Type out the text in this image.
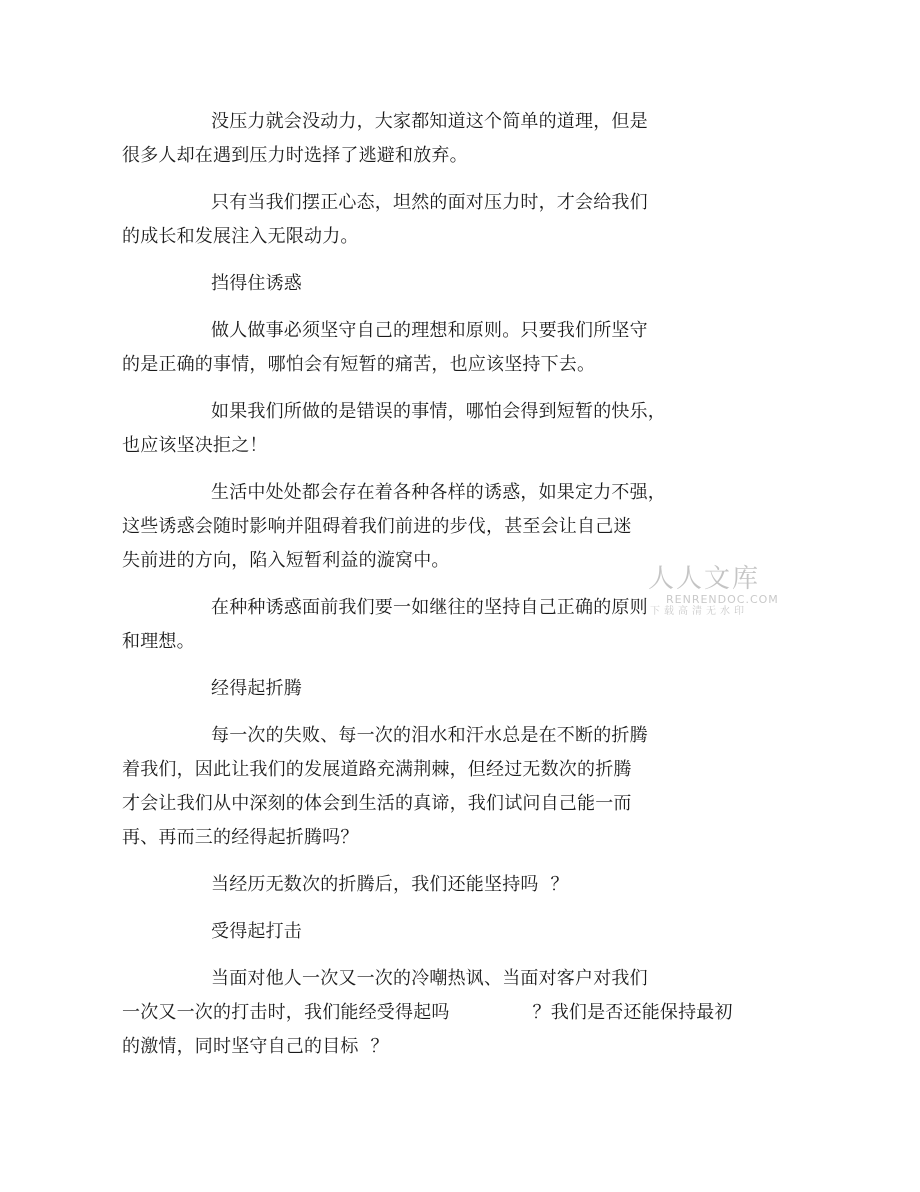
没压力就会没动力，大家都知道这个简单的道理，但是
很多人却在遇到压力时选择了逃避和放弃。
只有当我们摆正心态，坦然的面对压力时，才会给我们
的成长和发展注入无限动力。
挡得住诱惑
做人做事必须坚守自己的理想和原则。只要我们所坚守
的是正确的事情，哪怕会有短暂的痛苦，也应该坚持下去。
如果我们所做的是错误的事情，哪怕会得到短暂的快乐，
也应该坚决拒之！
生活中处处都会存在着各种各样的诱惑，如果定力不强，
这些诱惑会随时影响并阻碍着我们前进的步伐，甚至会让自己迷
失前进的方向，陷入短暂利益的漩窝中。
在种种诱惑面前我们要一如继往的坚持自己正确的原则
和理想。
经得起折腾
每一次的失败、每一次的泪水和汗水总是在不断的折腾
着我们，因此让我们的发展道路充满荆棘，但经过无数次的折腾
才会让我们从中深刻的体会到生活的真谛，我们试问自己能一而
再、再而三的经得起折腾吗？
当经历无数次的折腾后，我们还能坚持吗  ？
受得起打击
当面对他人一次又一次的冷嘲热讽、当面对客户对我们
一次又一次的打击时，我们能经受得起吗              ？我们是否还能保持最初
的激情，同时坚守自己的目标  ？
人人文库
RENRENDOC.COM
下载高清无水印
